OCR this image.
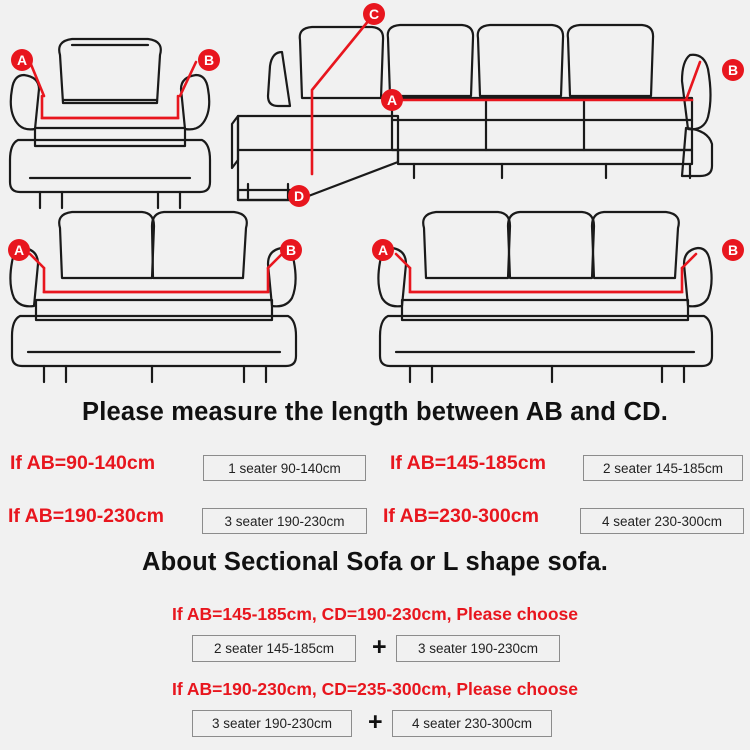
A	B
C
A
B
D
A	B	A	B
Please measure the length between AB and CD.
If AB=90-140cm	1 seater 90-140cm	If AB=145-185cm	2 seater 145-185cm
If AB=190-230cm	3 seater 190-230cm	If AB=230-300cm	4 seater 230-300cm
About Sectional Sofa or L shape sofa.
If AB=145-185cm, CD=190-230cm, Please choose
2 seater 145-185cm	+	3 seater 190-230cm
If AB=190-230cm, CD=235-300cm, Please choose
3 seater 190-230cm	+	4 seater 230-300cm
